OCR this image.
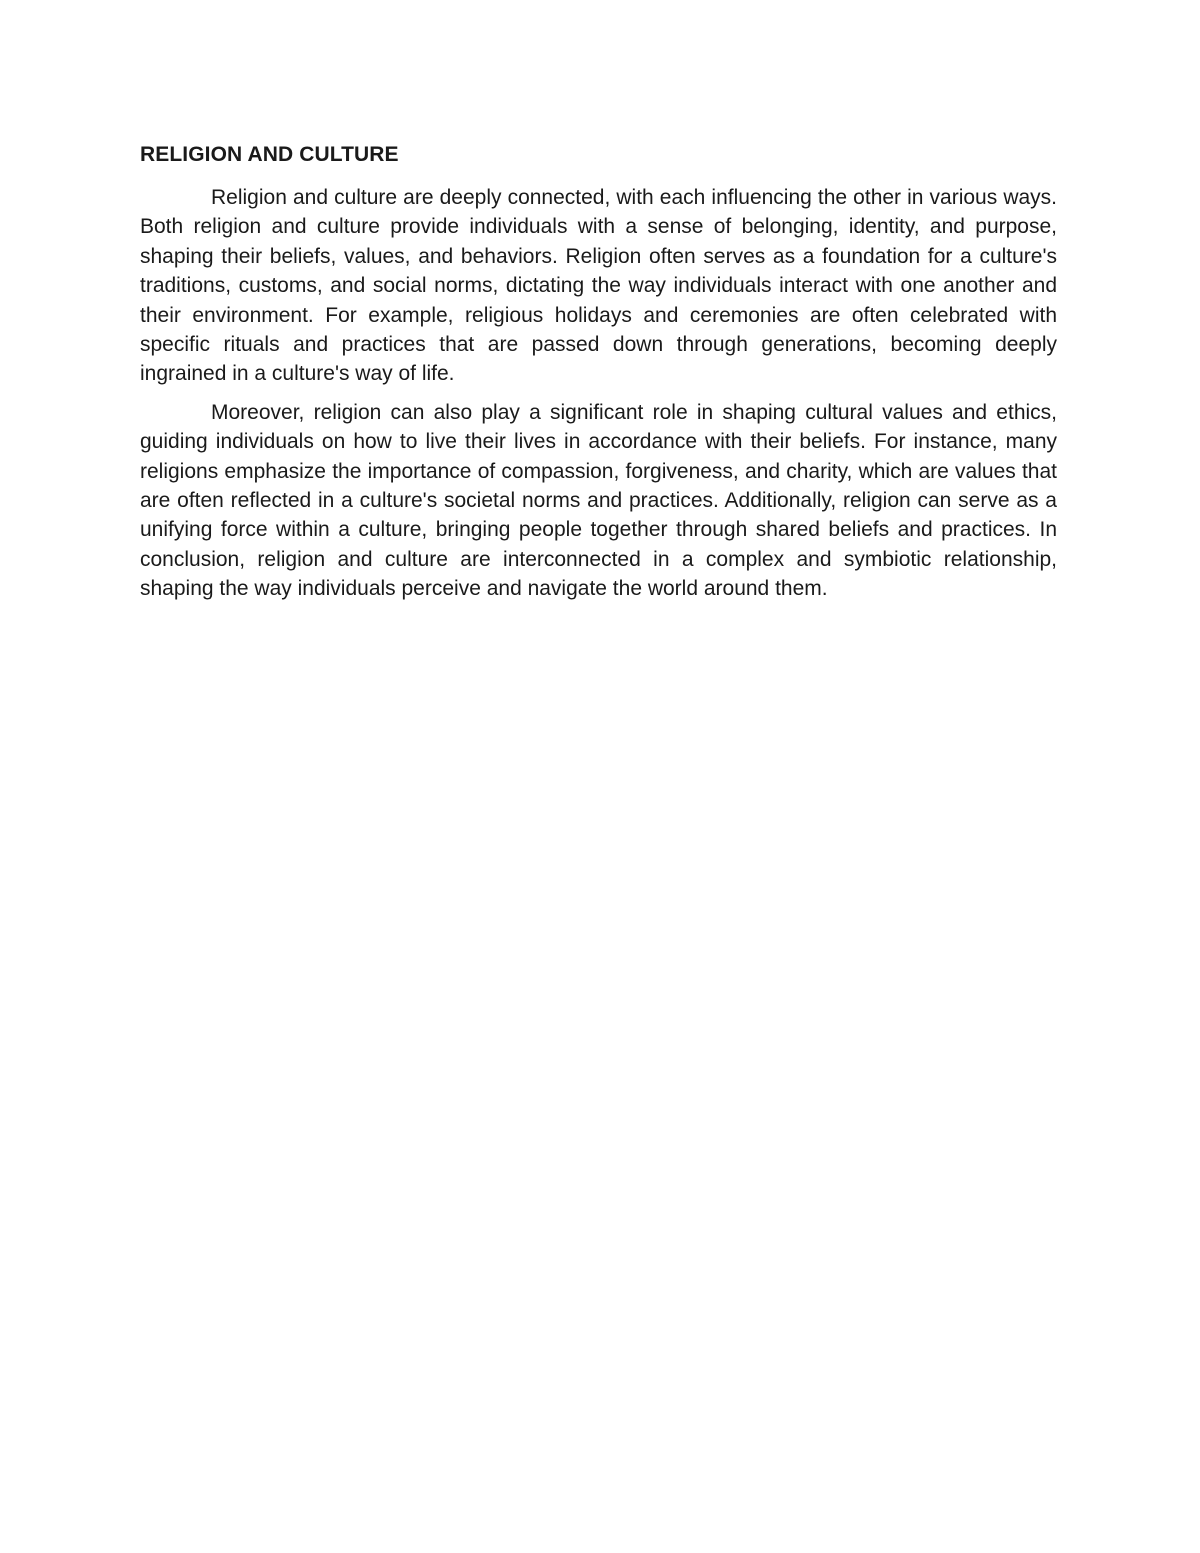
RELIGION AND CULTURE

Religion and culture are deeply connected, with each influencing the other in various ways. Both religion and culture provide individuals with a sense of belonging, identity, and purpose, shaping their beliefs, values, and behaviors. Religion often serves as a foundation for a culture's traditions, customs, and social norms, dictating the way individuals interact with one another and their environment. For example, religious holidays and ceremonies are often celebrated with specific rituals and practices that are passed down through generations, becoming deeply ingrained in a culture's way of life.

Moreover, religion can also play a significant role in shaping cultural values and ethics, guiding individuals on how to live their lives in accordance with their beliefs. For instance, many religions emphasize the importance of compassion, forgiveness, and charity, which are values that are often reflected in a culture's societal norms and practices. Additionally, religion can serve as a unifying force within a culture, bringing people together through shared beliefs and practices. In conclusion, religion and culture are interconnected in a complex and symbiotic relationship, shaping the way individuals perceive and navigate the world around them.
